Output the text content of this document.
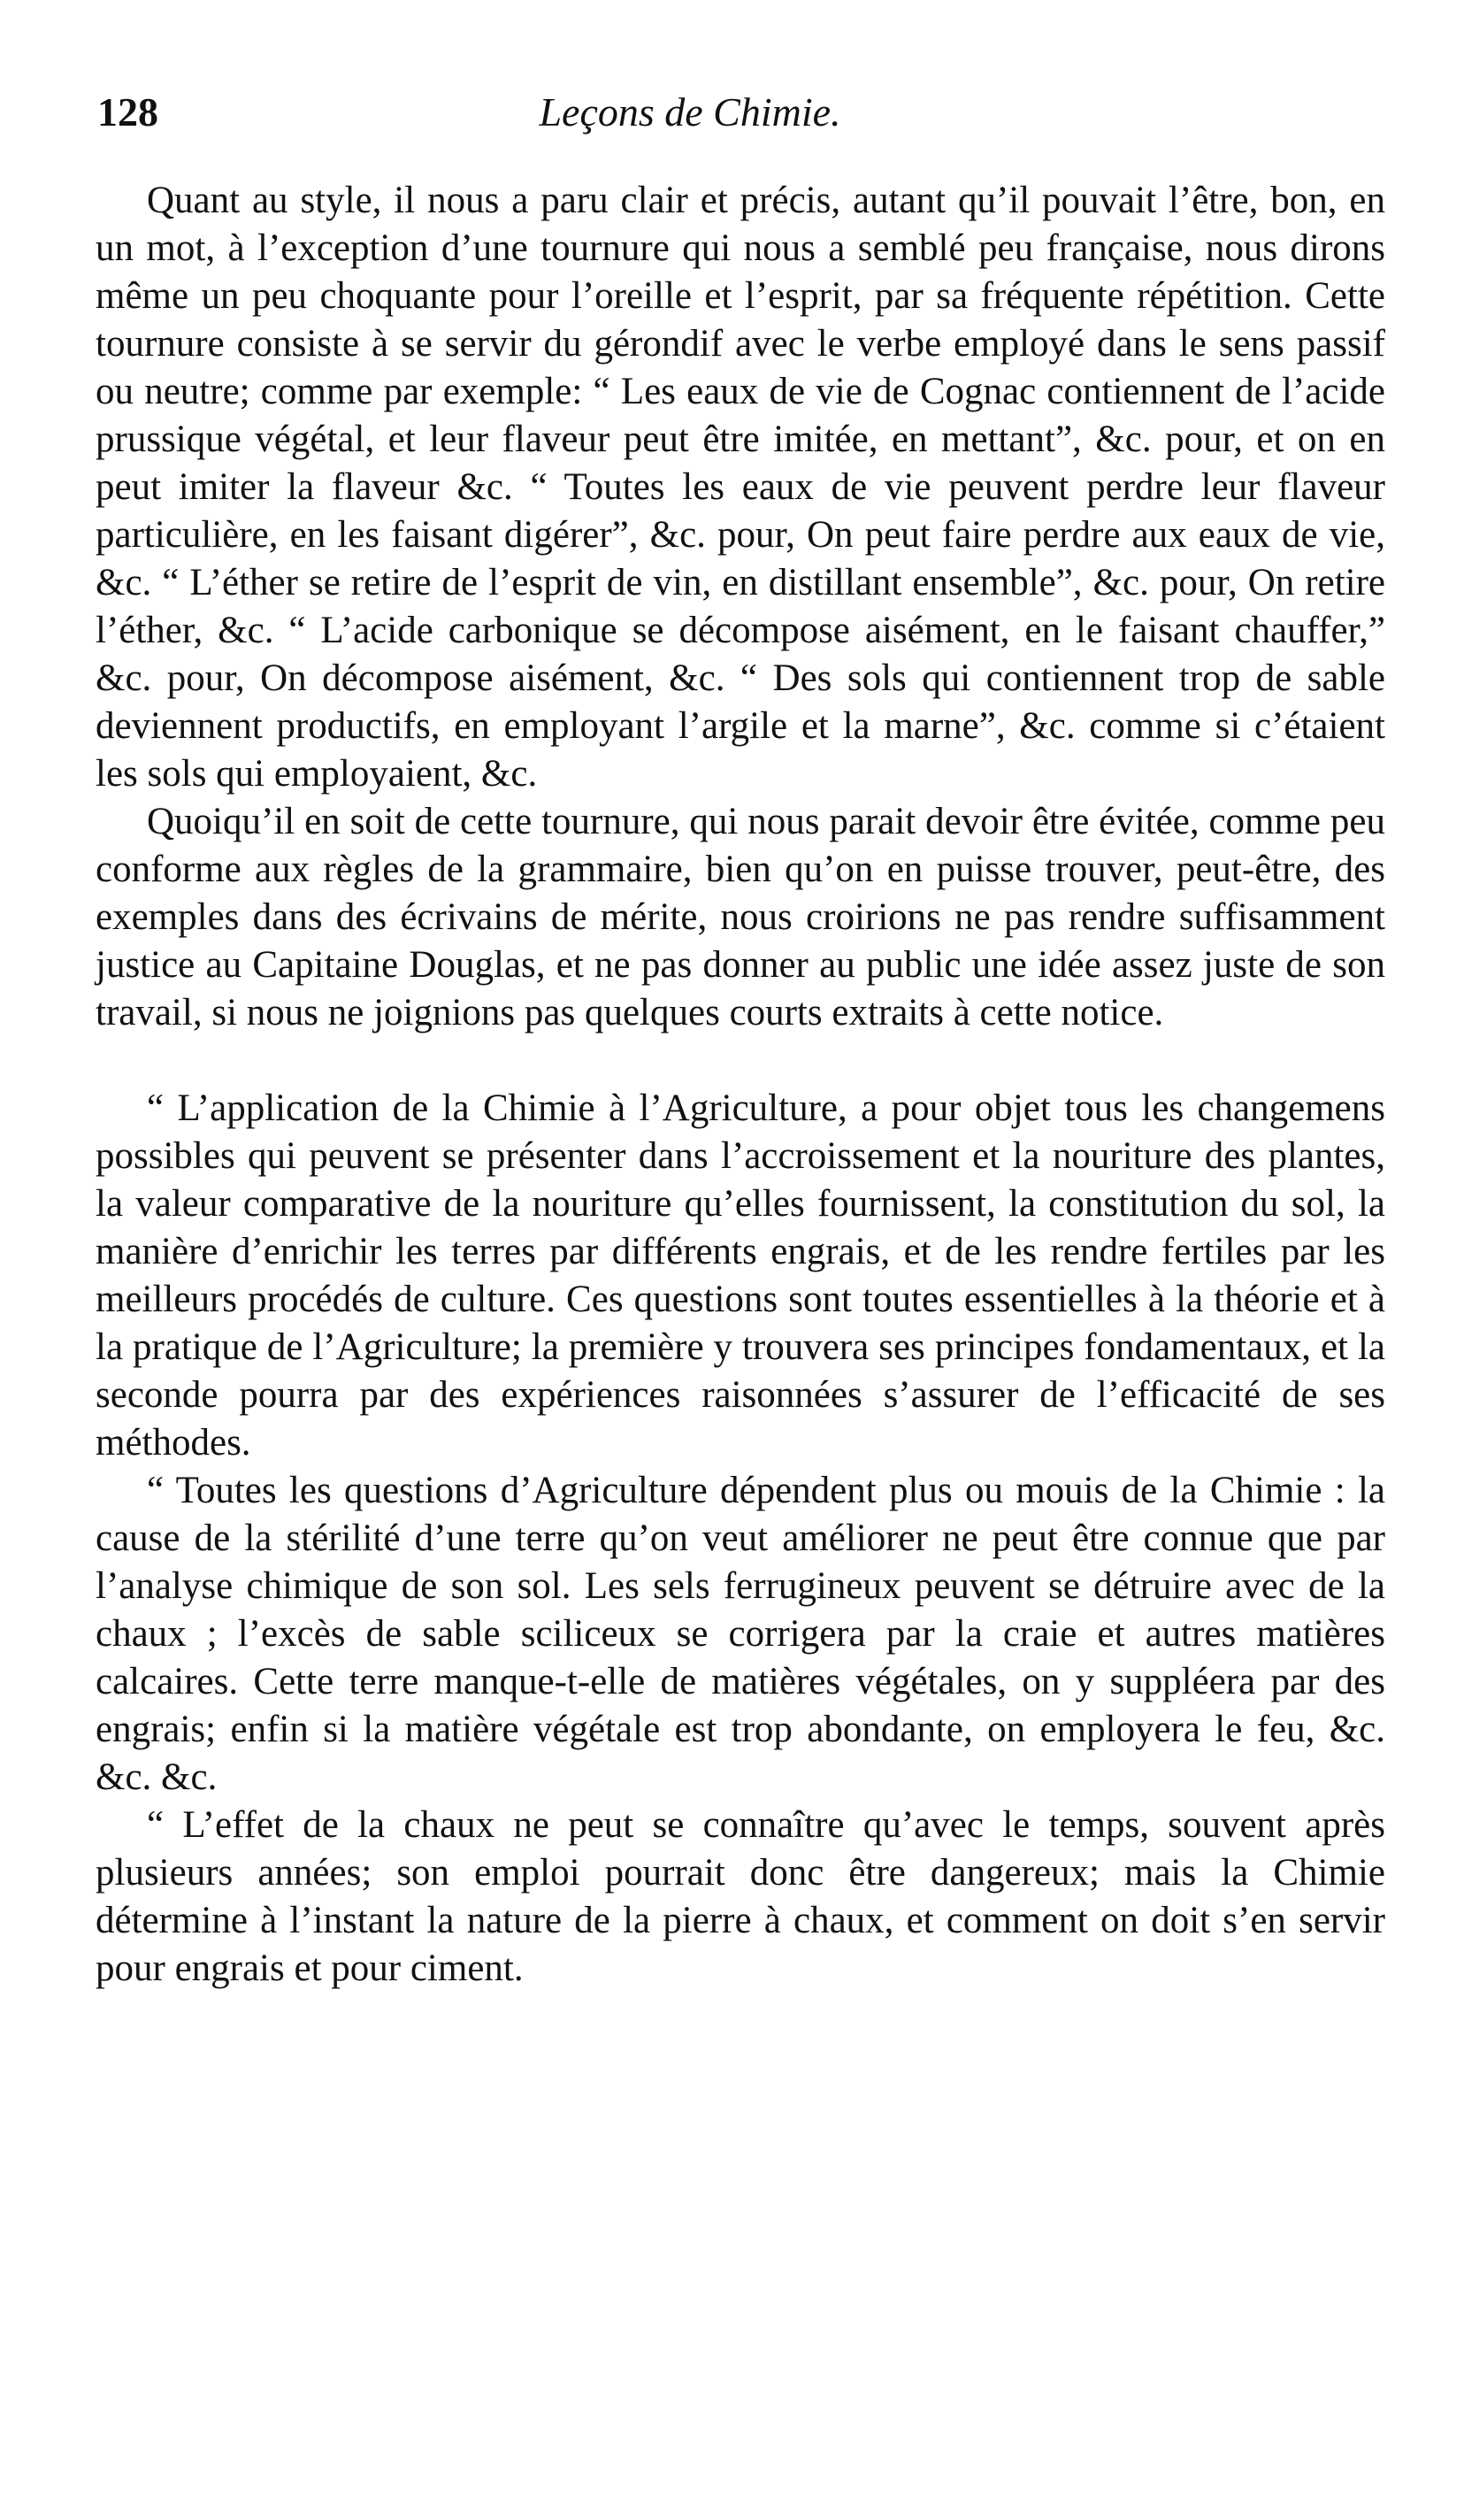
128	Leçons de Chimie.

Quant au style, il nous a paru clair et précis, autant qu’il pouvait l’être, bon, en un mot, à l’exception d’une tournure qui nous a semblé peu française, nous dirons même un peu choquante pour l’oreille et l’esprit, par sa fréquente répétition. Cette tournure consiste à se servir du gérondif avec le verbe employé dans le sens passif ou neutre; comme par exemple: “ Les eaux de vie de Cognac contiennent de l’acide prussique végétal, et leur flaveur peut être imitée, en mettant”, &c. pour, et on en peut imiter la flaveur &c. “ Toutes les eaux de vie peuvent perdre leur flaveur particulière, en les faisant digérer”, &c. pour, On peut faire perdre aux eaux de vie, &c. “ L’éther se retire de l’esprit de vin, en distillant ensemble”, &c. pour, On retire l’éther, &c. “ L’acide carbonique se décompose aisément, en le faisant chauffer,” &c. pour, On décompose aisément, &c. “ Des sols qui contiennent trop de sable deviennent productifs, en employant l’argile et la marne”, &c. comme si c’étaient les sols qui employaient, &c.

Quoiqu’il en soit de cette tournure, qui nous parait devoir être évitée, comme peu conforme aux règles de la grammaire, bien qu’on en puisse trouver, peut-être, des exemples dans des écrivains de mérite, nous croirions ne pas rendre suffisamment justice au Capitaine Douglas, et ne pas donner au public une idée assez juste de son travail, si nous ne joignions pas quelques courts extraits à cette notice.

“ L’application de la Chimie à l’Agriculture, a pour objet tous les changemens possibles qui peuvent se présenter dans l’accroissement et la nouriture des plantes, la valeur comparative de la nouriture qu’elles fournissent, la constitution du sol, la manière d’enrichir les terres par différents engrais, et de les rendre fertiles par les meilleurs procédés de culture. Ces questions sont toutes essentielles à la théorie et à la pratique de l’Agriculture; la première y trouvera ses principes fondamentaux, et la seconde pourra par des expériences raisonnées s’assurer de l’efficacité de ses méthodes.

“ Toutes les questions d’Agriculture dépendent plus ou mouis de la Chimie : la cause de la stérilité d’une terre qu’on veut améliorer ne peut être connue que par l’analyse chimique de son sol. Les sels ferrugineux peuvent se détruire avec de la chaux ; l’excès de sable sciliceux se corrigera par la craie et autres matières calcaires. Cette terre manque-t-elle de matières végétales, on y suppléera par des engrais; enfin si la matière végétale est trop abondante, on employera le feu, &c. &c. &c.

“ L’effet de la chaux ne peut se connaître qu’avec le temps, souvent après plusieurs années; son emploi pourrait donc être dangereux; mais la Chimie détermine à l’instant la nature de la pierre à chaux, et comment on doit s’en servir pour engrais et pour ciment.
